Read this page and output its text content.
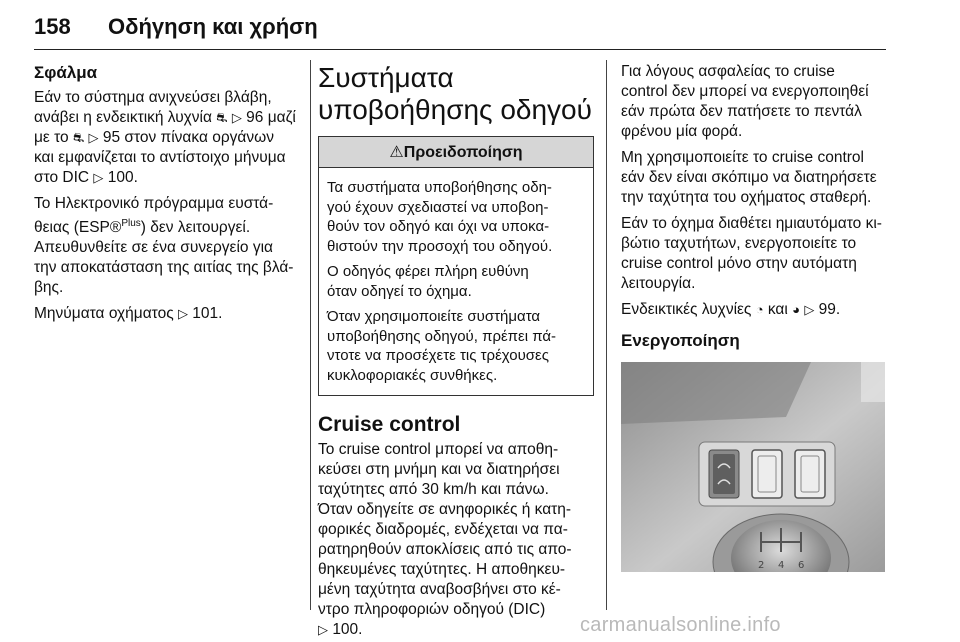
158 Οδήγηση και χρήση
Σφάλμα
Εάν το σύστημα ανιχνεύσει βλάβη,
ανάβει η ενδεικτική λυχνία ⛐ ▷ 96 μαζί
με το ⛐ ▷ 95 στον πίνακα οργάνων
και εμφανίζεται το αντίστοιχο μήνυμα
στο DIC ▷ 100.
Το Ηλεκτρονικό πρόγραμμα ευστά-
θειας (ESP®$^{Plus}$) δεν λειτουργεί.
Απευθυνθείτε σε ένα συνεργείο για
την αποκατάσταση της αιτίας της βλά-
βης.
Μηνύματα οχήματος ▷ 101.
Συστήματα
υποβοήθησης οδηγού
⚠Προειδοποίηση
Τα συστήματα υποβοήθησης οδη-
γού έχουν σχεδιαστεί να υποβοη-
θούν τον οδηγό και όχι να υποκα-
θιστούν την προσοχή του οδηγού.
Ο οδηγός φέρει πλήρη ευθύνη
όταν οδηγεί το όχημα.
Όταν χρησιμοποιείτε συστήματα
υποβοήθησης οδηγού, πρέπει πά-
ντοτε να προσέχετε τις τρέχουσες
κυκλοφοριακές συνθήκες.
Cruise control
Το cruise control μπορεί να αποθη-
κεύσει στη μνήμη και να διατηρήσει
ταχύτητες από 30 km/h και πάνω.
Όταν οδηγείτε σε ανηφορικές ή κατη-
φορικές διαδρομές, ενδέχεται να πα-
ρατηρηθούν αποκλίσεις από τις απο-
θηκευμένες ταχύτητες. Η αποθηκευ-
μένη ταχύτητα αναβοσβήνει στο κέ-
ντρο πληροφοριών οδηγού (DIC)
▷ 100.
Για λόγους ασφαλείας το cruise
control δεν μπορεί να ενεργοποιηθεί
εάν πρώτα δεν πατήσετε το πεντάλ
φρένου μία φορά.
Μη χρησιμοποιείτε το cruise control
εάν δεν είναι σκόπιμο να διατηρήσετε
την ταχύτητα του οχήματος σταθερή.
Εάν το όχημα διαθέτει ημιαυτόματο κι-
βώτιο ταχυτήτων, ενεργοποιείτε το
cruise control μόνο στην αυτόματη
λειτουργία.
Ενδεικτικές λυχνίες ◔ και ◕ ▷ 99.
Ενεργοποίηση
2 4 6
carmanualsonline.info
